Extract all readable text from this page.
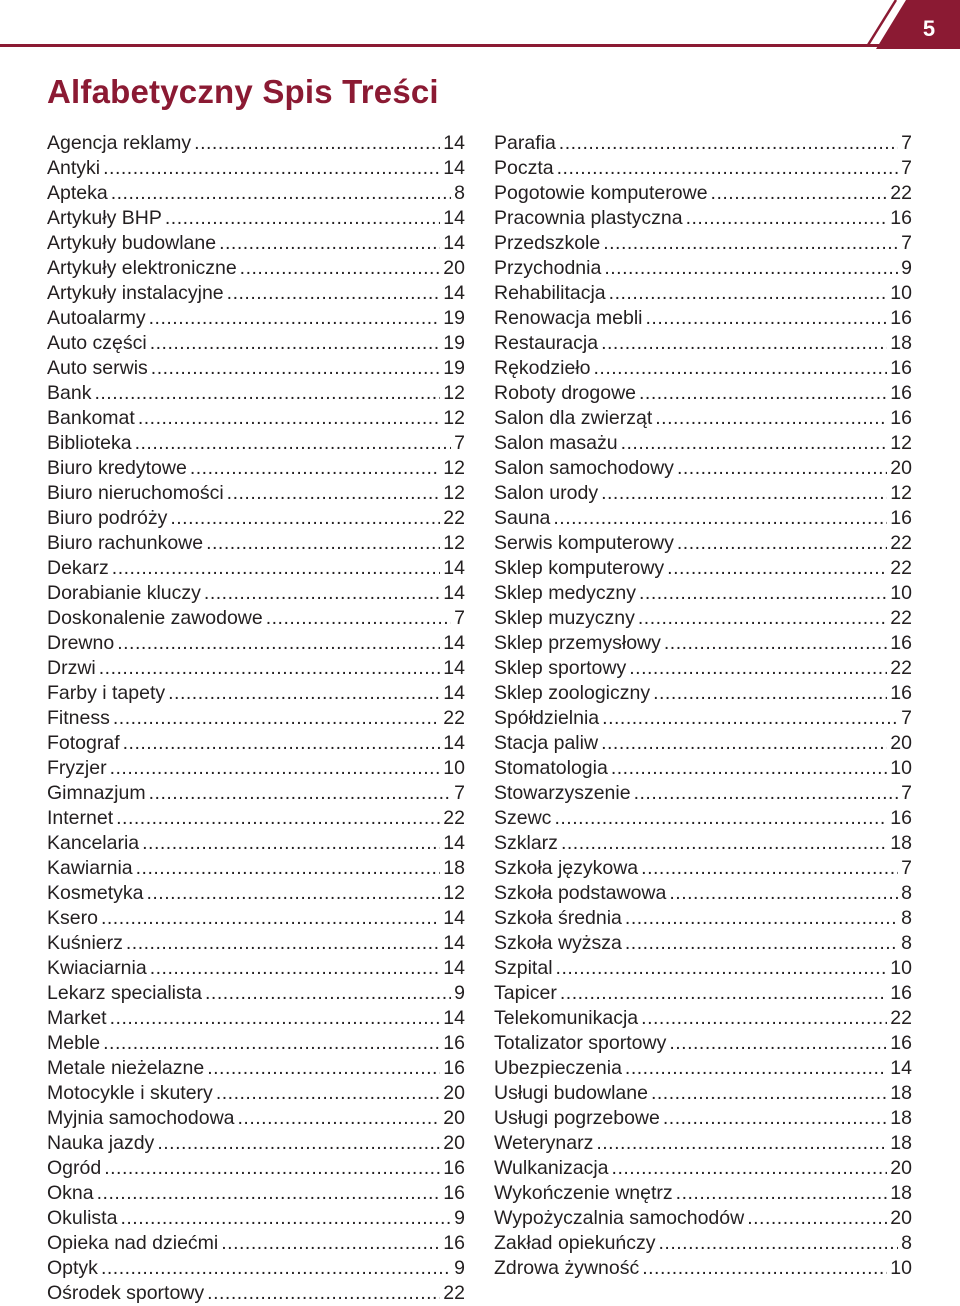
5
Alfabetyczny Spis Treści
Agencja reklamy .....	14
Antyki .....	14
Apteka .....	8
Artykuły BHP .....	14
Artykuły budowlane .....	14
Artykuły elektroniczne .....	20
Artykuły instalacyjne .....	14
Autoalarmy .....	19
Auto części .....	19
Auto serwis .....	19
Bank .....	12
Bankomat .....	12
Biblioteka .....	7
Biuro kredytowe .....	12
Biuro nieruchomości .....	12
Biuro podróży .....	22
Biuro rachunkowe .....	12
Dekarz .....	14
Dorabianie kluczy .....	14
Doskonalenie zawodowe .....	7
Drewno .....	14
Drzwi .....	14
Farby i tapety .....	14
Fitness .....	22
Fotograf .....	14
Fryzjer .....	10
Gimnazjum .....	7
Internet .....	22
Kancelaria .....	14
Kawiarnia .....	18
Kosmetyka .....	12
Ksero .....	14
Kuśnierz .....	14
Kwiaciarnia .....	14
Lekarz specialista .....	9
Market .....	14
Meble .....	16
Metale nieżelazne .....	16
Motocykle i skutery .....	20
Myjnia samochodowa .....	20
Nauka jazdy .....	20
Ogród .....	16
Okna .....	16
Okulista .....	9
Opieka nad dziećmi .....	16
Optyk .....	9
Ośrodek sportowy .....	22
Parafia .....	7
Poczta .....	7
Pogotowie komputerowe .....	22
Pracownia plastyczna .....	16
Przedszkole .....	7
Przychodnia .....	9
Rehabilitacja .....	10
Renowacja mebli .....	16
Restauracja .....	18
Rękodzieło .....	16
Roboty drogowe .....	16
Salon dla zwierząt .....	16
Salon masażu .....	12
Salon samochodowy .....	20
Salon urody .....	12
Sauna .....	16
Serwis komputerowy .....	22
Sklep komputerowy .....	22
Sklep medyczny .....	10
Sklep muzyczny .....	22
Sklep przemysłowy .....	16
Sklep sportowy .....	22
Sklep zoologiczny .....	16
Spółdzielnia .....	7
Stacja paliw .....	20
Stomatologia .....	10
Stowarzyszenie .....	7
Szewc .....	16
Szklarz .....	18
Szkoła językowa .....	7
Szkoła podstawowa .....	8
Szkoła średnia .....	8
Szkoła wyższa .....	8
Szpital .....	10
Tapicer .....	16
Telekomunikacja .....	22
Totalizator sportowy .....	16
Ubezpieczenia .....	14
Usługi budowlane .....	18
Usługi pogrzebowe .....	18
Weterynarz .....	18
Wulkanizacja .....	20
Wykończenie wnętrz .....	18
Wypożyczalnia samochodów .....	20
Zakład opiekuńczy .....	8
Zdrowa żywność .....	10
